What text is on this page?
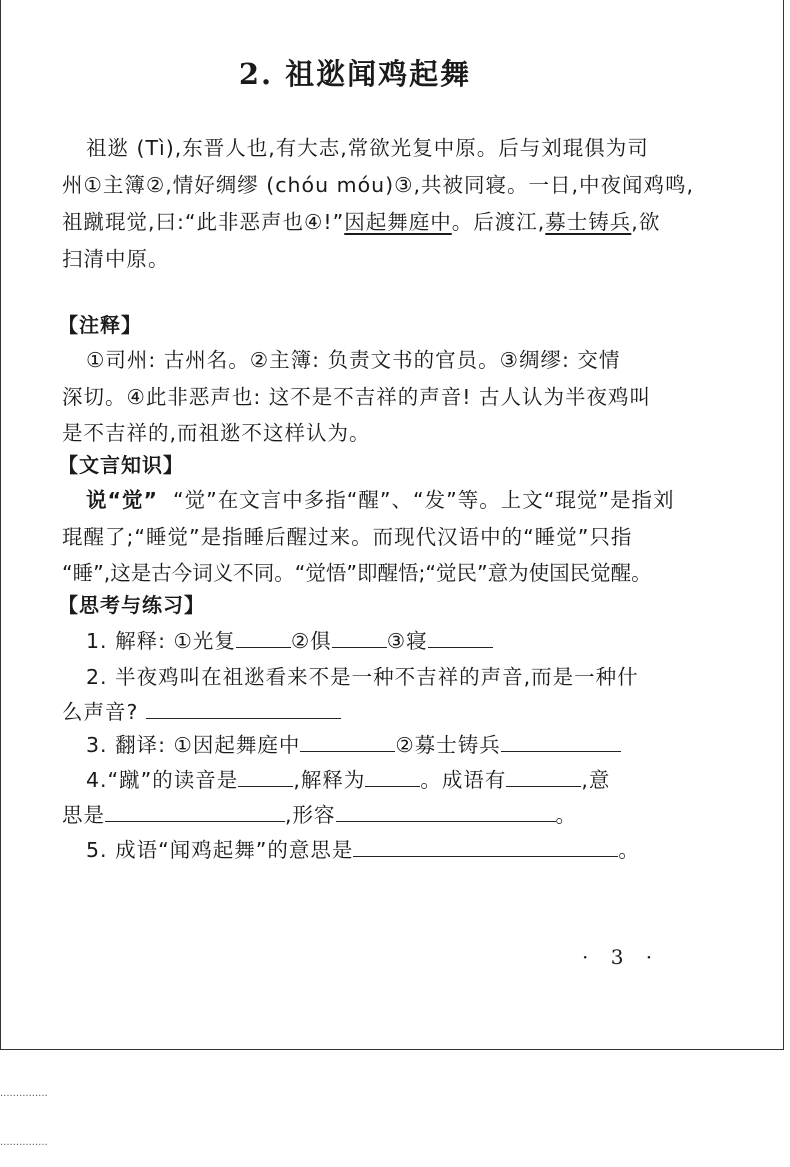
2. 祖逖闻鸡起舞
祖逖 (Tì),东晋人也,有大志,常欲光复中原。后与刘琨俱为司
州①主簿②,情好绸缪 (chóu móu)③,共被同寝。一日,中夜闻鸡鸣,
祖蹴琨觉,曰:“此非恶声也④!”因起舞庭中。后渡江,募士铸兵,欲
扫清中原。
【注释】
①司州: 古州名。②主簿: 负责文书的官员。③绸缪: 交情
深切。④此非恶声也: 这不是不吉祥的声音! 古人认为半夜鸡叫
是不吉祥的,而祖逖不这样认为。
【文言知识】
说“觉”  “觉”在文言中多指“醒”、“发”等。上文“琨觉”是指刘
琨醒了;“睡觉”是指睡后醒过来。而现代汉语中的“睡觉”只指
“睡”,这是古今词义不同。“觉悟”即醒悟;“觉民”意为使国民觉醒。
【思考与练习】
1. 解释: ①光复	②俱	③寝
2. 半夜鸡叫在祖逖看来不是一种不吉祥的声音,而是一种什
么声音?
3. 翻译: ①因起舞庭中	②募士铸兵
4.“蹴”的读音是	,解释为	。成语有	,意
思是	,形容	。
5. 成语“闻鸡起舞”的意思是	。
· 3 ·
...............
...............
